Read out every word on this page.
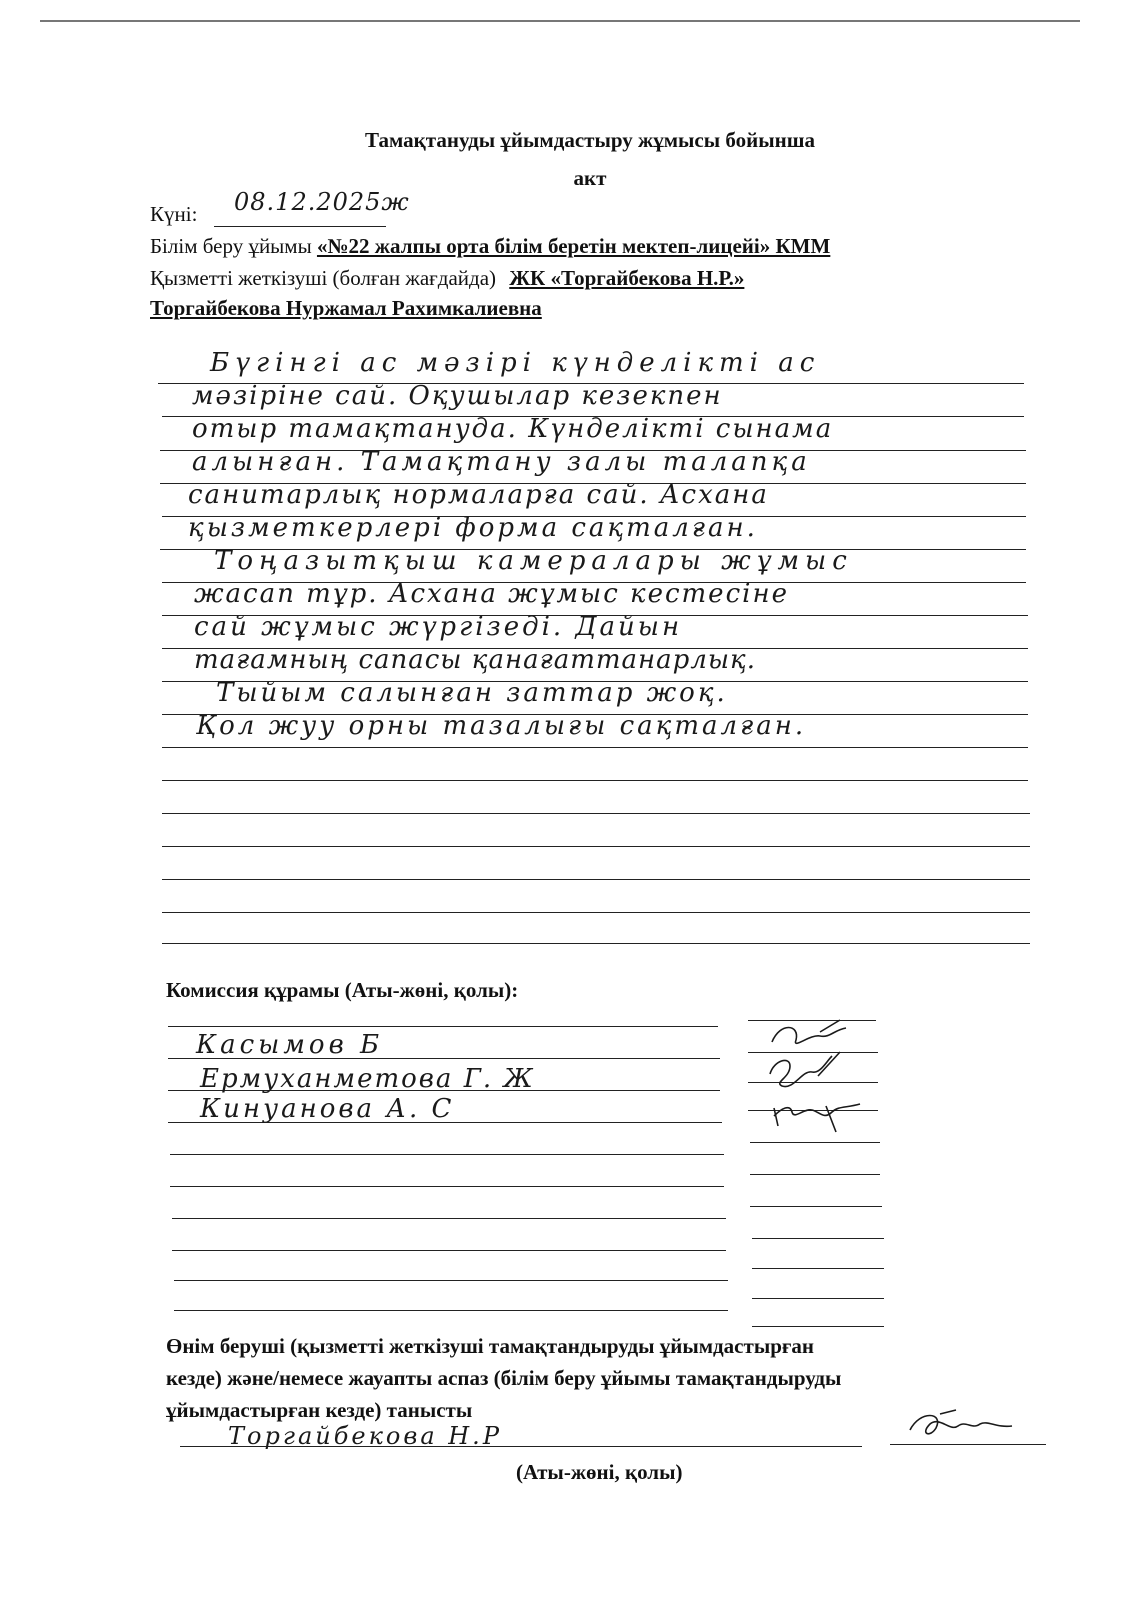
Тамақтануды ұйымдастыру жұмысы бойынша
акт
Күні: 08.12.2025ж
Білім беру ұйымы «№22 жалпы орта білім беретін мектеп-лицейі» КММ
Қызметті жеткізуші (болған жағдайда) ЖК «Торгайбекова Н.Р.»
Торгайбекова Нуржамал Рахимкалиевна
Бүгінгі ас мәзірі күнделікті ас
мәзіріне сай. Оқушылар кезекпен
отыр тамақтануда. Күнделікті сынама
алынған. Тамақтану залы талапқа
санитарлық нормаларға сай. Асхана
қызметкерлері форма сақталған.
Тоңазытқыш камералары жұмыс
жасап тұр. Асхана жұмыс кестесіне
сай жұмыс жүргізеді. Дайын
тағамның сапасы қанағаттанарлық.
Тыйым салынған заттар жоқ.
Қол жуу орны тазалығы сақталған.
Комиссия құрамы (Аты-жөні, қолы):
Касымов Б
Ермуханметова Г. Ж
Кинуанова А. С
Өнім беруші (қызметті жеткізуші тамақтандыруды ұйымдастырған
кезде) және/немесе жауапты аспаз (білім беру ұйымы тамақтандыруды
ұйымдастырған кезде) танысты
Торгайбекова Н.Р
(Аты-жөні, қолы)
